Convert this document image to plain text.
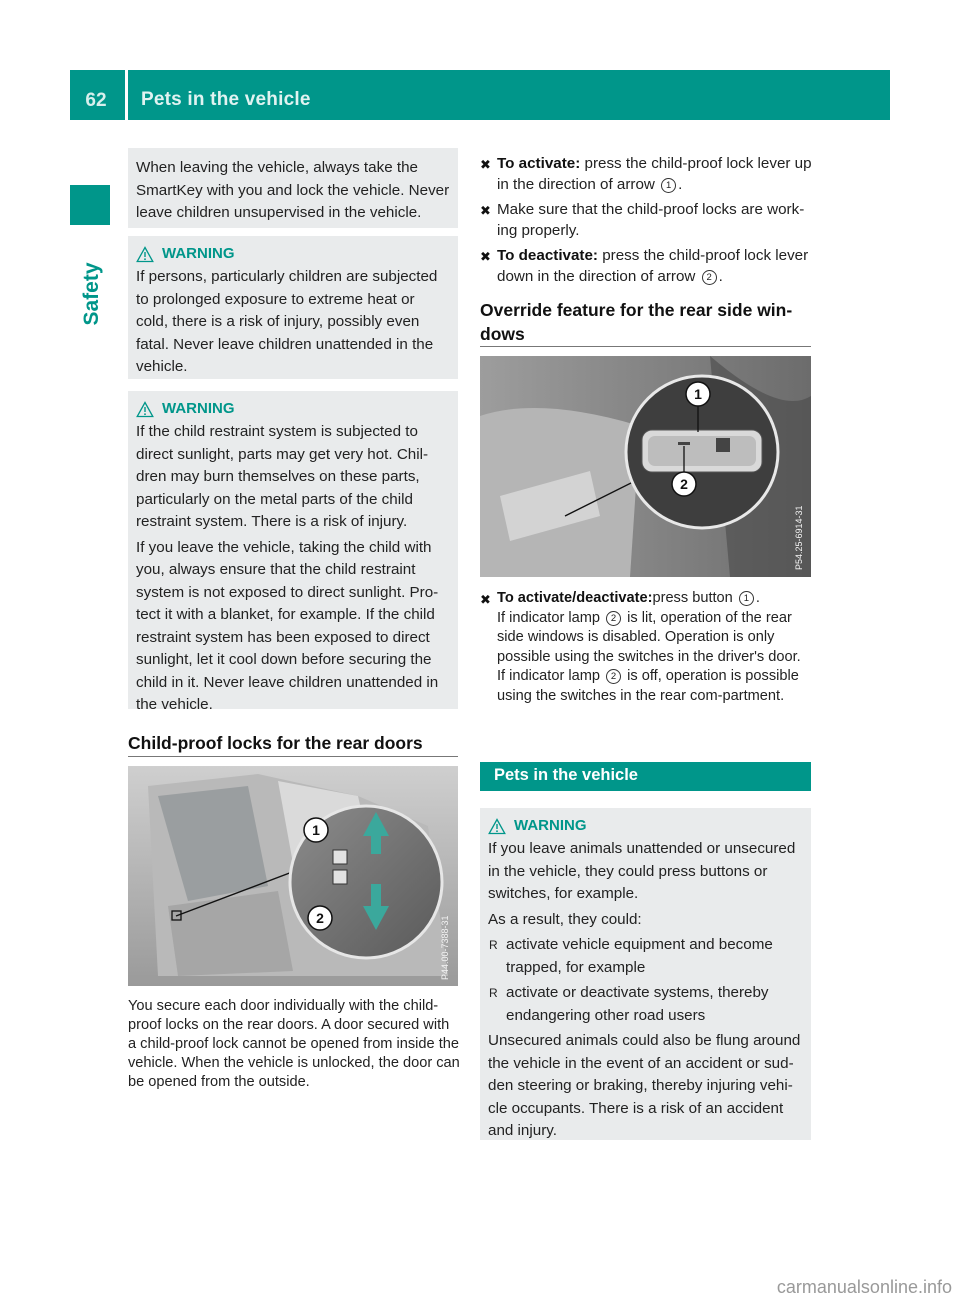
62	Pets in the vehicle
Safety

When leaving the vehicle, always take the SmartKey with you and lock the vehicle. Never leave children unsupervised in the vehicle.

WARNING

If persons, particularly children are subjected to prolonged exposure to extreme heat or cold, there is a risk of injury, possibly even fatal. Never leave children unattended in the vehicle.

WARNING

If the child restraint system is subjected to direct sunlight, parts may get very hot. Chil-dren may burn themselves on these parts, particularly on the metal parts of the child restraint system. There is a risk of injury.

If you leave the vehicle, taking the child with you, always ensure that the child restraint system is not exposed to direct sunlight. Pro-tect it with a blanket, for example. If the child restraint system has been exposed to direct sunlight, let it cool down before securing the child in it. Never leave children unattended in the vehicle.

Child-proof locks for the rear doors
1
2	P44.00-7388-31
You secure each door individually with the child-proof locks on the rear doors. A door secured with a child-proof lock cannot be opened from inside the vehicle. When the vehicle is unlocked, the door can be opened from the outside.
✖ To activate: press the child-proof lock lever up in the direction of arrow 1 .
✖ Make sure that the child-proof locks are work-ing properly.
✖ To deactivate: press the child-proof lock lever down in the direction of arrow 2 .
Override feature for the rear side win-dows
1
2
P54.25-6914-31
✖ To activate/deactivate:press button 1 .
If indicator lamp 2 is lit, operation of the rear side windows is disabled. Operation is only possible using the switches in the driver's door. If indicator lamp 2 is off, operation is possible using the switches in the rear com-partment.
Pets in the vehicle
WARNING

If you leave animals unattended or unsecured in the vehicle, they could press buttons or switches, for example.

As a result, they could:

R activate vehicle equipment and become trapped, for example
R activate or deactivate systems, thereby endangering other road users

Unsecured animals could also be flung around the vehicle in the event of an accident or sud-den steering or braking, thereby injuring vehi-cle occupants. There is a risk of an accident and injury.

carmanualsonline.info
